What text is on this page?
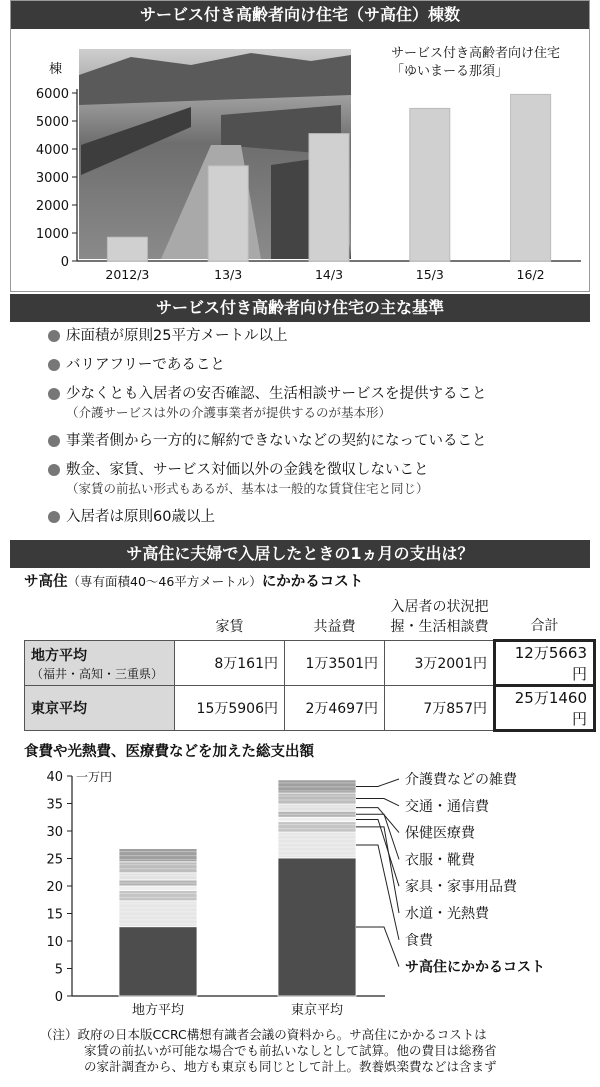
サービス付き高齢者向け住宅（サ高住）棟数
サービス付き高齢者向け住宅
「ゆいまーる那須」
棟
0
1000
2000
3000
4000
5000
6000
2012/3	13/3	14/3	15/3	16/2
サービス付き高齢者向け住宅の主な基準
床面積が原則25平方メートル以上
バリアフリーであること
少なくとも入居者の安否確認、生活相談サービスを提供すること
（介護サービスは外の介護事業者が提供するのが基本形）
事業者側から一方的に解約できないなどの契約になっていること
敷金、家賃、サービス対価以外の金銭を徴収しないこと
（家賃の前払い形式もあるが、基本は一般的な賃貸住宅と同じ）
入居者は原則60歳以上
サ高住に夫婦で入居したときの1ヵ月の支出は？
サ高住（専有面積40～46平方メートル）にかかるコスト
	家賃	共益費	入居者の状況把握・生活相談費	合計
地方平均
（福井・高知・三重県）	8万161円	1万3501円	3万2001円	12万5663円
東京平均	15万5906円	2万4697円	7万857円	25万1460円
食費や光熱費、医療費などを加えた総支出額
0
5
10
15
20
25
30
35
40 一万円
地方平均	東京平均
介護費などの雑費
交通・通信費
保健医療費
衣服・靴費
家具・家事用品費
水道・光熱費
食費
サ高住にかかるコスト
（注）政府の日本版CCRC構想有識者会議の資料から。サ高住にかかるコストは
家賃の前払いが可能な場合でも前払いなしとして試算。他の費目は総務省
の家計調査から、地方も東京も同じとして計上。教養娯楽費などは含まず
